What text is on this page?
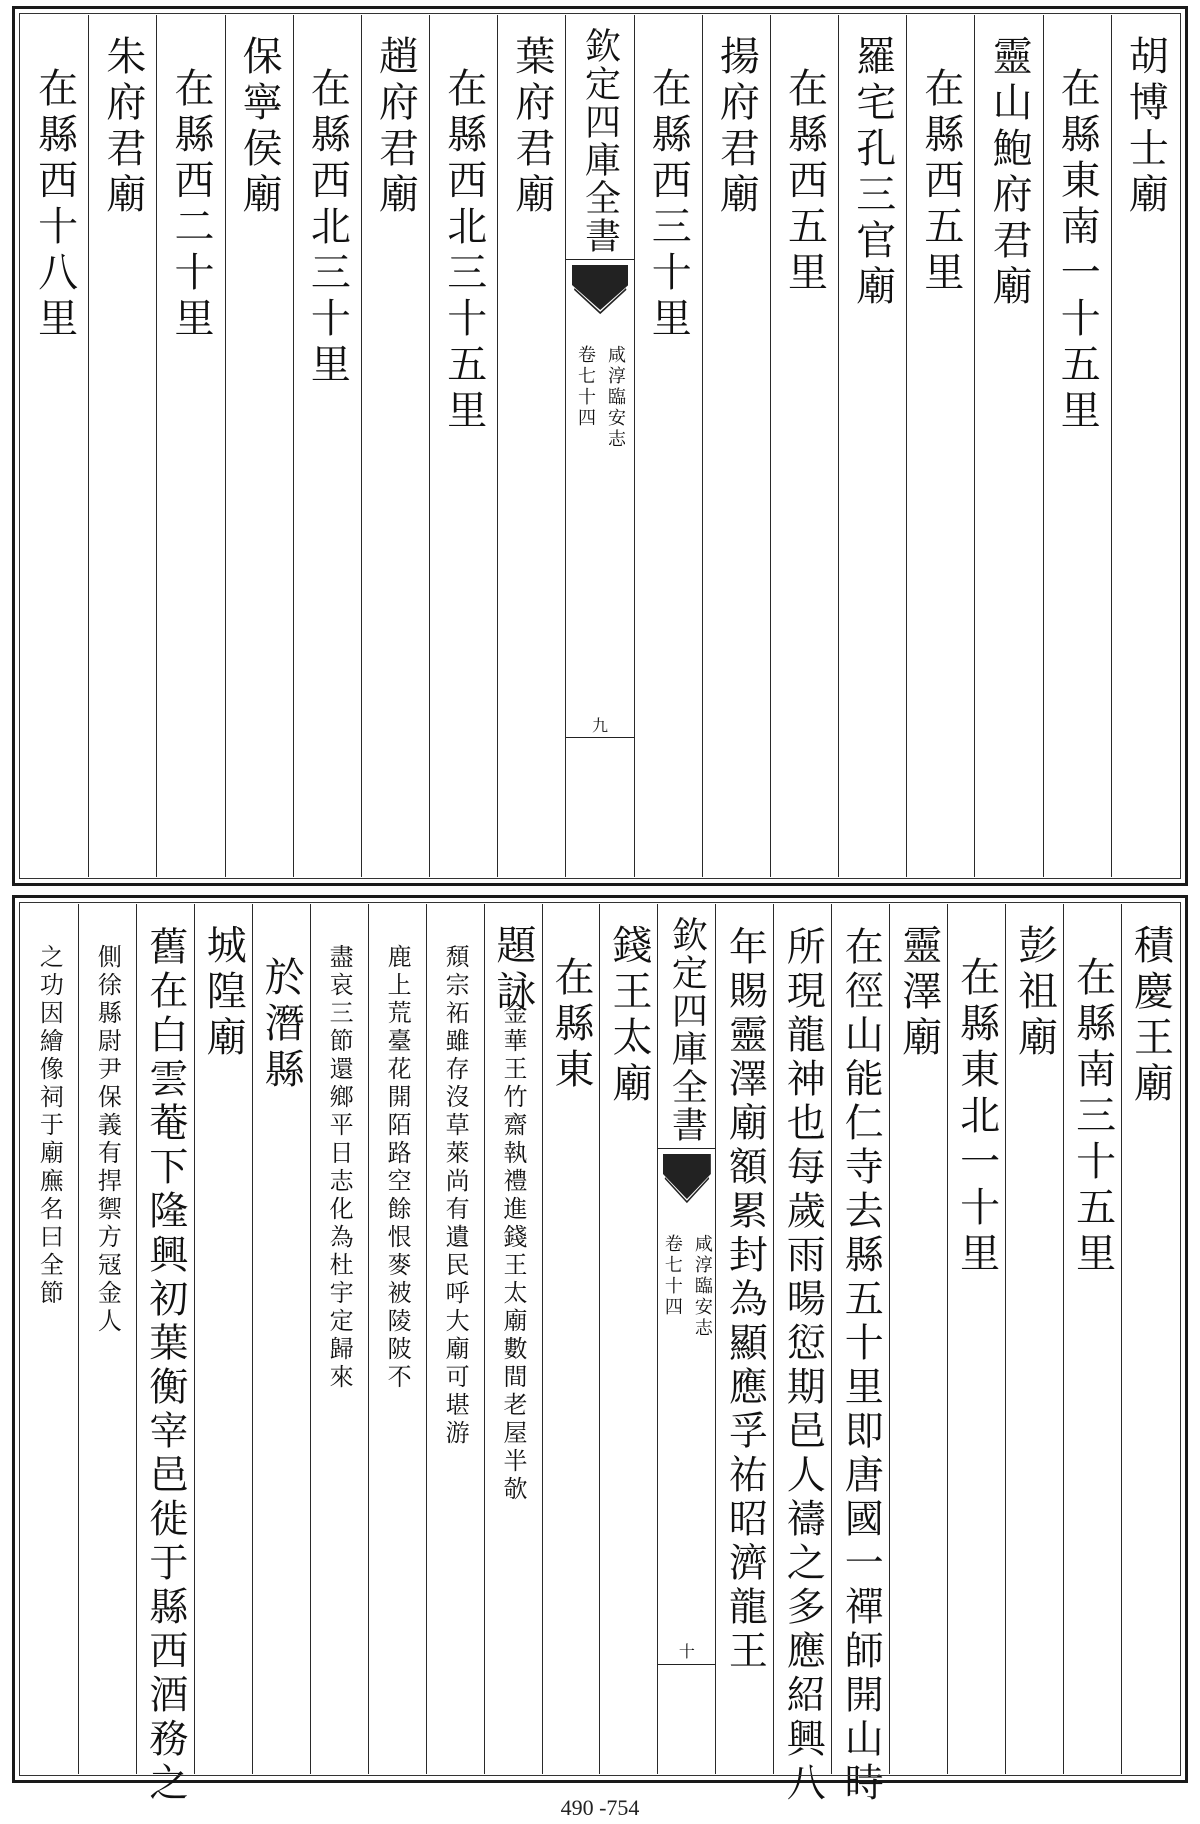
胡博士廟
在縣東南一十五里
靈山鮑府君廟
在縣西五里
羅宅孔三官廟
在縣西五里
揚府君廟
在縣西三十里
欽定四庫全書
咸淳臨安志
卷七十四
九
葉府君廟
在縣西北三十五里
趙府君廟
在縣西北三十里
保寧侯廟
在縣西二十里
朱府君廟
在縣西十八里
積慶王廟
在縣南三十五里
彭祖廟
在縣東北一十里
靈澤廟
在徑山能仁寺去縣五十里即唐國一禪師開山時
所現龍神也每歲雨暘愆期邑人禱之多應紹興八
年賜靈澤廟額累封為顯應孚祐昭濟龍王
欽定四庫全書
咸淳臨安志
卷七十四
十
錢王太廟
在縣東
題詠
金華王竹齋執禮進錢王太廟數間老屋半欹
頹宗祏雖存沒草萊尚有遺民呼大廟可堪游
鹿上荒臺花開陌路空餘恨麥被陵陂不
盡哀三節還鄉平日志化為杜宇定歸來
於潛縣
城隍廟
舊在白雲菴下隆興初葉衡宰邑徙于縣西酒務之
側徐縣尉尹保義有捍禦方冦金人
之功因繪像祠于廟廡名曰全節
490 -754
